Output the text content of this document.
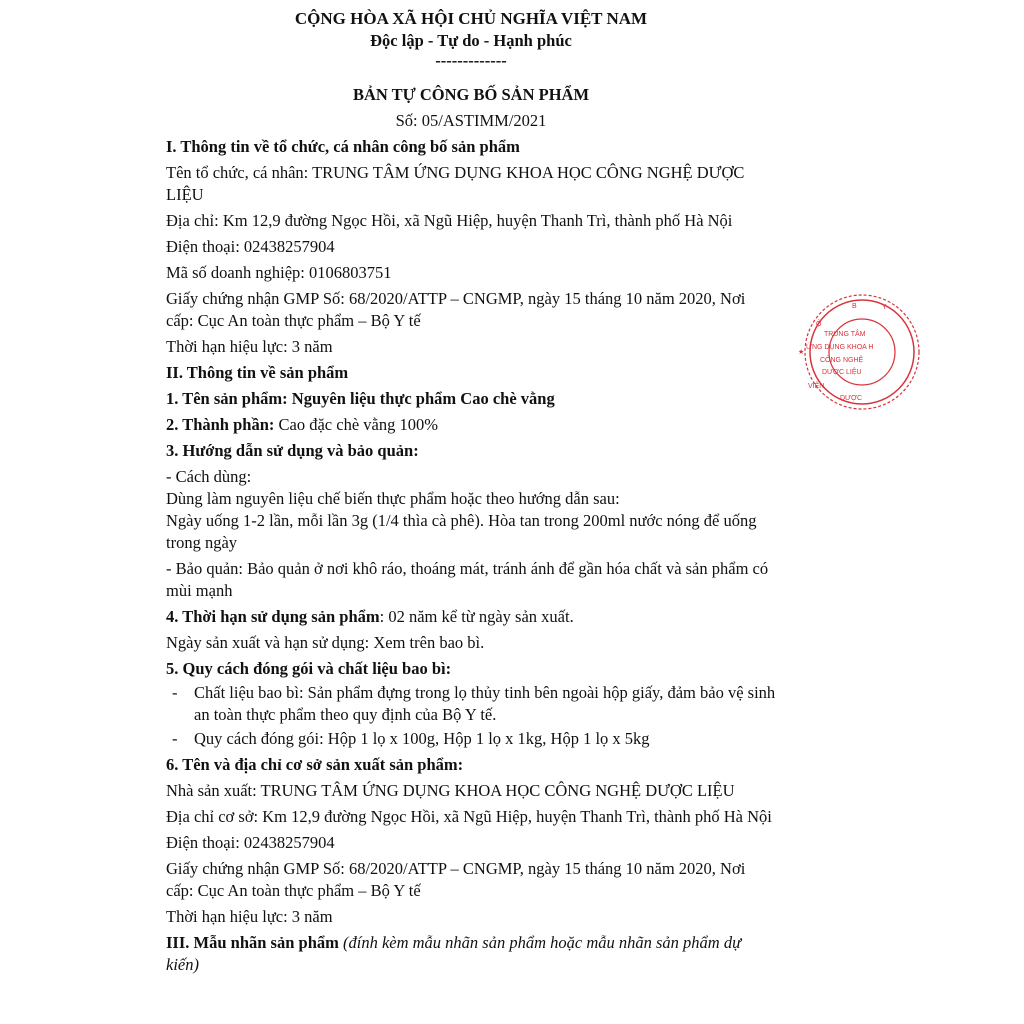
CỘNG HÒA XÃ HỘI CHỦ NGHĨA VIỆT NAM
Độc lập - Tự do - Hạnh phúc
-------------
BẢN TỰ CÔNG BỐ SẢN PHẨM
Số: 05/ASTIMM/2021
I. Thông tin về tổ chức, cá nhân công bố sản phẩm
Tên tổ chức, cá nhân: TRUNG TÂM ỨNG DỤNG KHOA HỌC CÔNG NGHỆ DƯỢC LIỆU
Địa chỉ: Km 12,9 đường Ngọc Hồi, xã Ngũ Hiệp, huyện Thanh Trì, thành phố Hà Nội
Điện thoại: 02438257904
Mã số doanh nghiệp: 0106803751
Giấy chứng nhận GMP Số: 68/2020/ATTP – CNGMP, ngày 15 tháng 10 năm 2020, Nơi cấp: Cục An toàn thực phẩm – Bộ Y tế
Thời hạn hiệu lực: 3 năm
II. Thông tin về sản phẩm
1. Tên sản phẩm: Nguyên liệu thực phẩm Cao chè vằng
2. Thành phần: Cao đặc chè vằng 100%
3. Hướng dẫn sử dụng và bảo quản:
- Cách dùng:
Dùng làm nguyên liệu chế biến thực phẩm hoặc theo hướng dẫn sau:
Ngày uống 1-2 lần, mỗi lần 3g (1/4 thìa cà phê). Hòa tan trong 200ml nước nóng để uống trong ngày
- Bảo quản: Bảo quản ở nơi khô ráo, thoáng mát, tránh ánh để gần hóa chất và sản phẩm có mùi mạnh
4. Thời hạn sử dụng sản phẩm: 02 năm kể từ ngày sản xuất.
Ngày sản xuất và hạn sử dụng: Xem trên bao bì.
5. Quy cách đóng gói và chất liệu bao bì:
-	Chất liệu bao bì: Sản phẩm đựng trong lọ thủy tinh bên ngoài hộp giấy, đảm bảo vệ sinh an toàn thực phẩm theo quy định của Bộ Y tế.
-	Quy cách đóng gói: Hộp 1 lọ x 100g, Hộp 1 lọ x 1kg, Hộp 1 lọ x 5kg
6. Tên và địa chỉ cơ sở sản xuất sản phẩm:
Nhà sản xuất: TRUNG TÂM ỨNG DỤNG KHOA HỌC CÔNG NGHỆ DƯỢC LIỆU
Địa chỉ cơ sở: Km 12,9 đường Ngọc Hồi, xã Ngũ Hiệp, huyện Thanh Trì, thành phố Hà Nội
Điện thoại: 02438257904
Giấy chứng nhận GMP Số: 68/2020/ATTP – CNGMP, ngày 15 tháng 10 năm 2020, Nơi cấp: Cục An toàn thực phẩm – Bộ Y tế
Thời hạn hiệu lực: 3 năm
III. Mẫu nhãn sản phẩm (đính kèm mẫu nhãn sản phẩm hoặc mẫu nhãn sản phẩm dự kiến)
B	Y
Ộ
TRUNG TÂM
ỨNG DỤNG KHOA H
CÔNG NGHỆ
DƯỢC LIỆU
★
VIỆN
DƯỢC
